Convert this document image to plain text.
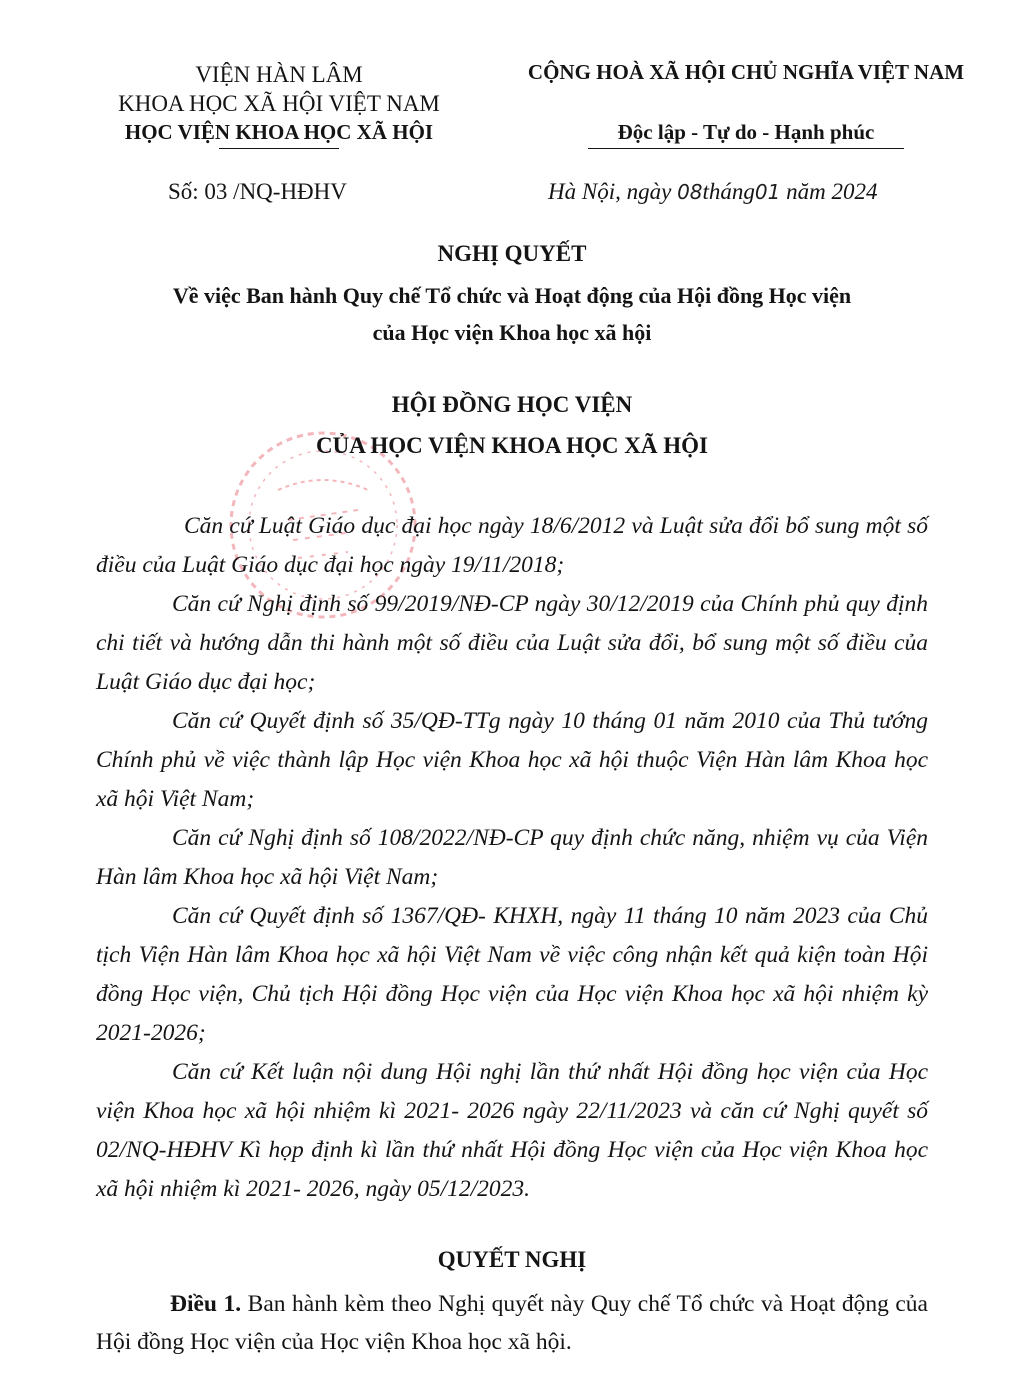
VIỆN HÀN LÂM
KHOA HỌC XÃ HỘI VIỆT NAM
HỌC VIỆN KHOA HỌC XÃ HỘI
CỘNG HOÀ XÃ HỘI CHỦ NGHĨA VIỆT NAM
Độc lập - Tự do - Hạnh phúc
Số: 03 /NQ-HĐHV	Hà Nội, ngày 08tháng01 năm 2024
NGHỊ QUYẾT
Về việc Ban hành Quy chế Tổ chức và Hoạt động của Hội đồng Học viện
của Học viện Khoa học xã hội
HỘI ĐỒNG HỌC VIỆN
CỦA HỌC VIỆN KHOA HỌC XÃ HỘI

Căn cứ Luật Giáo dục đại học ngày 18/6/2012 và Luật sửa đổi bổ sung một số điều của Luật Giáo dục đại học ngày 19/11/2018;

Căn cứ Nghị định số 99/2019/NĐ-CP ngày 30/12/2019 của Chính phủ quy định chi tiết và hướng dẫn thi hành một số điều của Luật sửa đổi, bổ sung một số điều của Luật Giáo dục đại học;

Căn cứ Quyết định số 35/QĐ-TTg ngày 10 tháng 01 năm 2010 của Thủ tướng Chính phủ về việc thành lập Học viện Khoa học xã hội thuộc Viện Hàn lâm Khoa học xã hội Việt Nam;

Căn cứ Nghị định số 108/2022/NĐ-CP quy định chức năng, nhiệm vụ của Viện Hàn lâm Khoa học xã hội Việt Nam;

Căn cứ Quyết định số 1367/QĐ- KHXH, ngày 11 tháng 10 năm 2023 của Chủ tịch Viện Hàn lâm Khoa học xã hội Việt Nam về việc công nhận kết quả kiện toàn Hội đồng Học viện, Chủ tịch Hội đồng Học viện của Học viện Khoa học xã hội nhiệm kỳ 2021-2026;

Căn cứ Kết luận nội dung Hội nghị lần thứ nhất Hội đồng học viện của Học viện Khoa học xã hội nhiệm kì 2021- 2026 ngày 22/11/2023 và căn cứ Nghị quyết số 02/NQ-HĐHV Kì họp định kì lần thứ nhất Hội đồng Học viện của Học viện Khoa học xã hội nhiệm kì 2021- 2026, ngày 05/12/2023.

QUYẾT NGHỊ

Điều 1. Ban hành kèm theo Nghị quyết này Quy chế Tổ chức và Hoạt động của Hội đồng Học viện của Học viện Khoa học xã hội.
